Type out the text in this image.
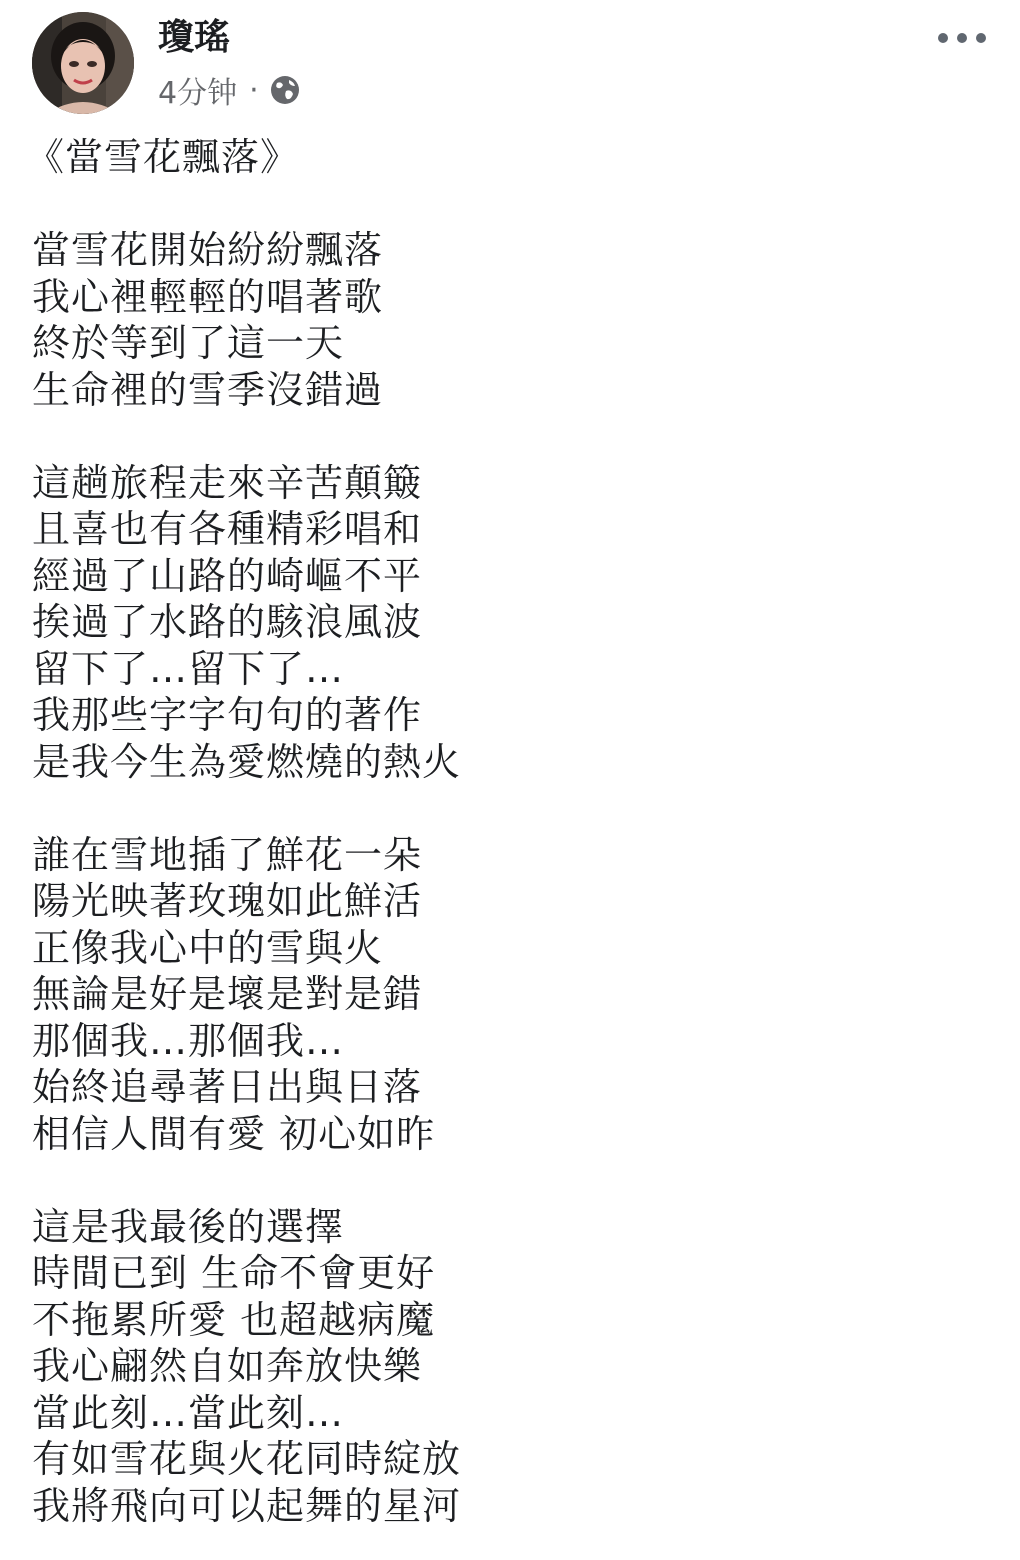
瓊瑤
4分钟 ·
《當雪花飄落》
當雪花開始紛紛飄落
我心裡輕輕的唱著歌
終於等到了這一天
生命裡的雪季沒錯過
這趟旅程走來辛苦顛簸
且喜也有各種精彩唱和
經過了山路的崎嶇不平
挨過了水路的駭浪風波
留下了…留下了…
我那些字字句句的著作
是我今生為愛燃燒的熱火
誰在雪地插了鮮花一朵
陽光映著玫瑰如此鮮活
正像我心中的雪與火
無論是好是壞是對是錯
那個我…那個我…
始終追尋著日出與日落
相信人間有愛 初心如昨
這是我最後的選擇
時間已到 生命不會更好
不拖累所愛 也超越病魔
我心翩然自如奔放快樂
當此刻…當此刻…
有如雪花與火花同時綻放
我將飛向可以起舞的星河
